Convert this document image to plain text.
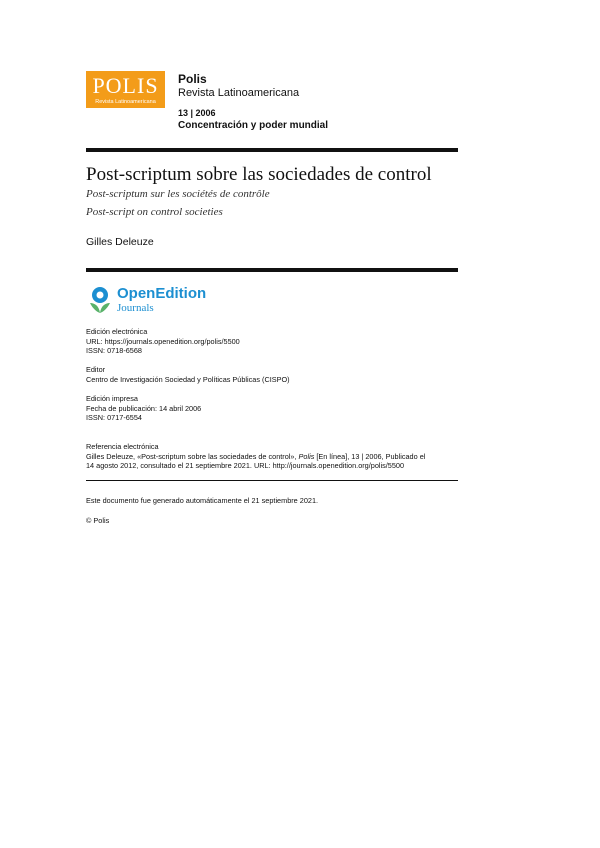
POLIS
Revista Latinoamericana
Polis
Revista Latinoamericana
13 | 2006
Concentración y poder mundial
Post-scriptum sobre las sociedades de control
Post-scriptum sur les sociétés de contrôle
Post-script on control societies
Gilles Deleuze
OpenEdition
Journals
Edición electrónica
URL: https://journals.openedition.org/polis/5500
ISSN: 0718-6568
Editor
Centro de Investigación Sociedad y Políticas Públicas (CISPO)
Edición impresa
Fecha de publicación: 14 abril 2006
ISSN: 0717-6554
Referencia electrónica
Gilles Deleuze, «Post-scriptum sobre las sociedades de control», Polis [En línea], 13 | 2006, Publicado el
14 agosto 2012, consultado el 21 septiembre 2021. URL: http://journals.openedition.org/polis/5500
Este documento fue generado automáticamente el 21 septiembre 2021.
© Polis
